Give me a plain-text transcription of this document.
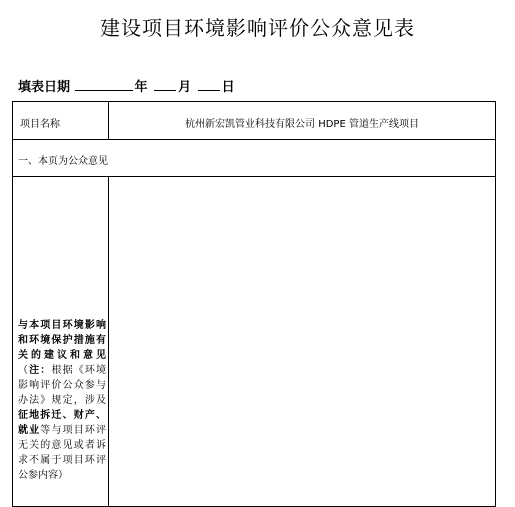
建设项目环境影响评价公众意见表
填表日期	年 月 日
项目名称	杭州新宏凯管业科技有限公司 HDPE 管道生产线项目
一、本页为公众意见
与本项目环境影响和环境保护措施有关的建议和意见（注：根据《环境影响评价公众参与办法》规定，涉及征地拆迁、财产、就业等与项目环评无关的意见或者诉求不属于项目环评公参内容）
